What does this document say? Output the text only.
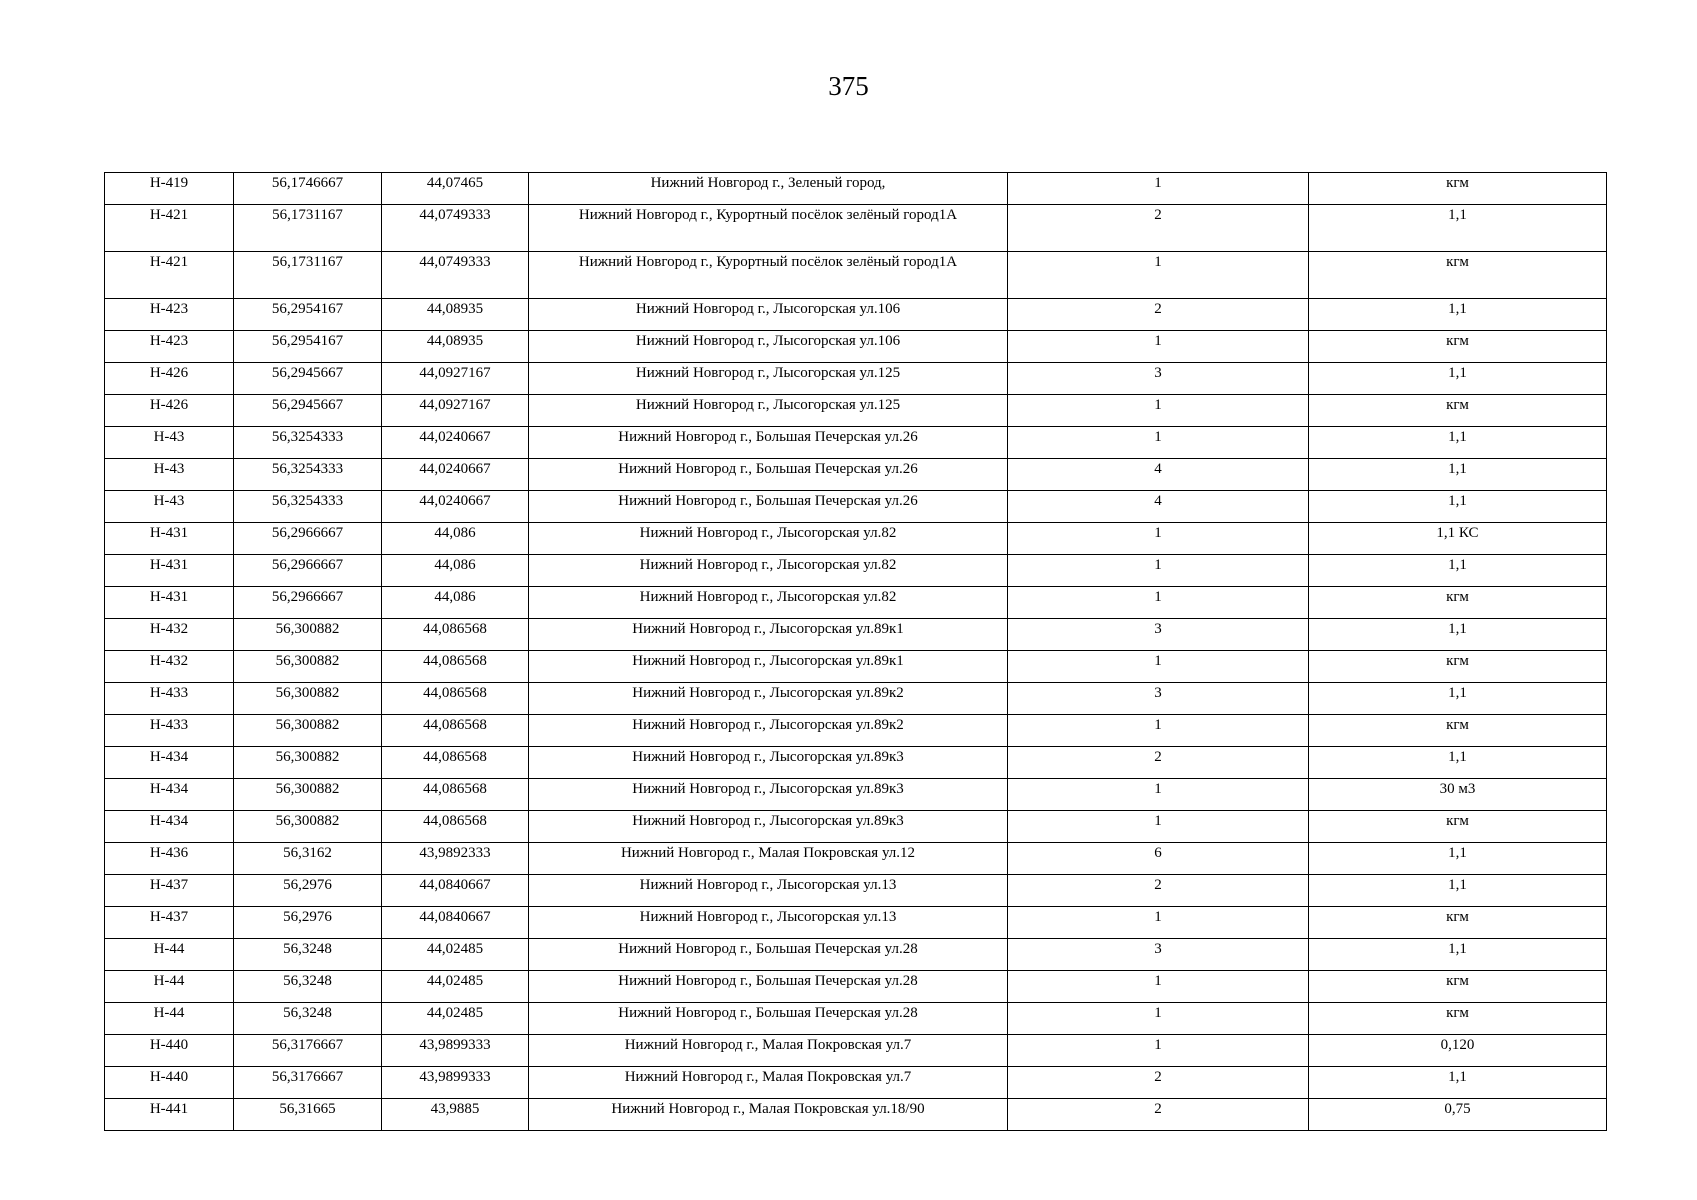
375
Н-419	56,1746667	44,07465	Нижний Новгород г., Зеленый город,	1	кгм
Н-421	56,1731167	44,0749333	Нижний Новгород г., Курортный посёлок зелёный город1А	2	1,1
Н-421	56,1731167	44,0749333	Нижний Новгород г., Курортный посёлок зелёный город1А	1	кгм
Н-423	56,2954167	44,08935	Нижний Новгород г., Лысогорская ул.106	2	1,1
Н-423	56,2954167	44,08935	Нижний Новгород г., Лысогорская ул.106	1	кгм
Н-426	56,2945667	44,0927167	Нижний Новгород г., Лысогорская ул.125	3	1,1
Н-426	56,2945667	44,0927167	Нижний Новгород г., Лысогорская ул.125	1	кгм
Н-43	56,3254333	44,0240667	Нижний Новгород г., Большая Печерская ул.26	1	1,1
Н-43	56,3254333	44,0240667	Нижний Новгород г., Большая Печерская ул.26	4	1,1
Н-43	56,3254333	44,0240667	Нижний Новгород г., Большая Печерская ул.26	4	1,1
Н-431	56,2966667	44,086	Нижний Новгород г., Лысогорская ул.82	1	1,1 КС
Н-431	56,2966667	44,086	Нижний Новгород г., Лысогорская ул.82	1	1,1
Н-431	56,2966667	44,086	Нижний Новгород г., Лысогорская ул.82	1	кгм
Н-432	56,300882	44,086568	Нижний Новгород г., Лысогорская ул.89к1	3	1,1
Н-432	56,300882	44,086568	Нижний Новгород г., Лысогорская ул.89к1	1	кгм
Н-433	56,300882	44,086568	Нижний Новгород г., Лысогорская ул.89к2	3	1,1
Н-433	56,300882	44,086568	Нижний Новгород г., Лысогорская ул.89к2	1	кгм
Н-434	56,300882	44,086568	Нижний Новгород г., Лысогорская ул.89к3	2	1,1
Н-434	56,300882	44,086568	Нижний Новгород г., Лысогорская ул.89к3	1	30 м3
Н-434	56,300882	44,086568	Нижний Новгород г., Лысогорская ул.89к3	1	кгм
Н-436	56,3162	43,9892333	Нижний Новгород г., Малая Покровская ул.12	6	1,1
Н-437	56,2976	44,0840667	Нижний Новгород г., Лысогорская ул.13	2	1,1
Н-437	56,2976	44,0840667	Нижний Новгород г., Лысогорская ул.13	1	кгм
Н-44	56,3248	44,02485	Нижний Новгород г., Большая Печерская ул.28	3	1,1
Н-44	56,3248	44,02485	Нижний Новгород г., Большая Печерская ул.28	1	кгм
Н-44	56,3248	44,02485	Нижний Новгород г., Большая Печерская ул.28	1	кгм
Н-440	56,3176667	43,9899333	Нижний Новгород г., Малая Покровская ул.7	1	0,120
Н-440	56,3176667	43,9899333	Нижний Новгород г., Малая Покровская ул.7	2	1,1
Н-441	56,31665	43,9885	Нижний Новгород г., Малая Покровская ул.18/90	2	0,75
